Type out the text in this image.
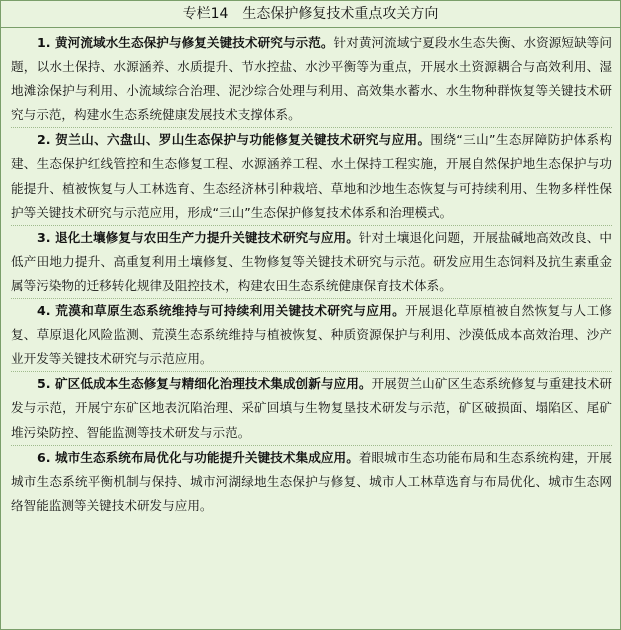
专栏14　生态保护修复技术重点攻关方向

1. 黄河流域水生态保护与修复关键技术研究与示范。针对黄河流域宁夏段水生态失衡、水资源短缺等问题，以水土保持、水源涵养、水质提升、节水控盐、水沙平衡等为重点，开展水土资源耦合与高效利用、湿地滩涂保护与利用、小流域综合治理、泥沙综合处理与利用、高效集水蓄水、水生物种群恢复等关键技术研究与示范，构建水生态系统健康发展技术支撑体系。

2. 贺兰山、六盘山、罗山生态保护与功能修复关键技术研究与应用。围绕“三山”生态屏障防护体系构建、生态保护红线管控和生态修复工程、水源涵养工程、水土保持工程实施，开展自然保护地生态保护与功能提升、植被恢复与人工林选育、生态经济林引种栽培、草地和沙地生态恢复与可持续利用、生物多样性保护等关键技术研究与示范应用，形成“三山”生态保护修复技术体系和治理模式。

3. 退化土壤修复与农田生产力提升关键技术研究与应用。针对土壤退化问题，开展盐碱地高效改良、中低产田地力提升、高重复利用土壤修复、生物修复等关键技术研究与示范。研发应用生态饲料及抗生素重金属等污染物的迁移转化规律及阻控技术，构建农田生态系统健康保育技术体系。

4. 荒漠和草原生态系统维持与可持续利用关键技术研究与应用。开展退化草原植被自然恢复与人工修复、草原退化风险监测、荒漠生态系统维持与植被恢复、种质资源保护与利用、沙漠低成本高效治理、沙产业开发等关键技术研究与示范应用。

5. 矿区低成本生态修复与精细化治理技术集成创新与应用。开展贺兰山矿区生态系统修复与重建技术研发与示范，开展宁东矿区地表沉陷治理、采矿回填与生物复垦技术研发与示范，矿区破损面、塌陷区、尾矿堆污染防控、智能监测等技术研发与示范。

6. 城市生态系统布局优化与功能提升关键技术集成应用。着眼城市生态功能布局和生态系统构建，开展城市生态系统平衡机制与保持、城市河湖绿地生态保护与修复、城市人工林草选育与布局优化、城市生态网络智能监测等关键技术研发与应用。
